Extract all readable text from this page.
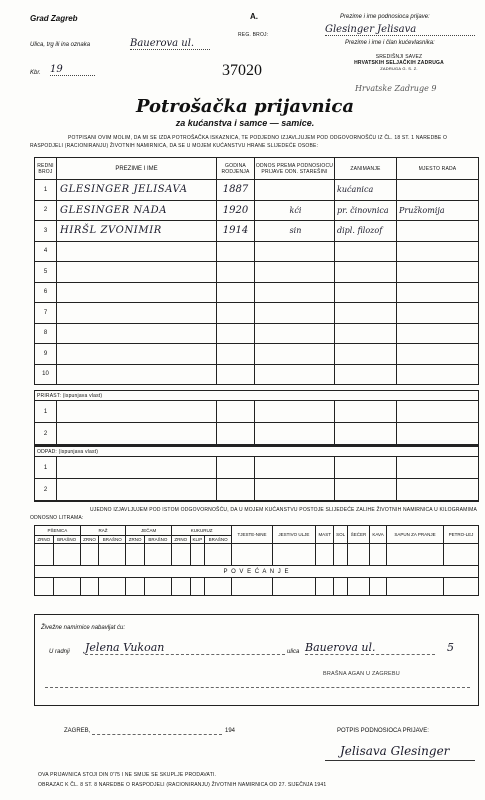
Grad Zagreb	A.
REG. BROJ:
Prezime i ime podnosioca prijave:
Glesinger Jelisava
Prezime i ime i član kućevlasnika:
Ulica, trg ili ina oznaka	Bauerova ul.
Kbr. 19	37020
SREDIŠNJI SAVEZ
HRVATSKIH SELJAČKIH ZADRUGA
ZADRUGA G. S. Z.
Hrvatske Zadruge 9
Potrošačka prijavnica
za kućanstva i samce — samice.
POTPISANI OVIM MOLIM, DA MI SE IZDA POTROŠAČKA ISKAZNICA, TE PODJEDNO IZJAVLJUJEM POD ODGOVORNOŠĆU IZ ČL. 18 ST. 1 NAREDBE O RASPODJELI (RACIONIRANJU) ŽIVOTNIH NAMIRNICA, DA SE U MOJEM KUĆANSTVU HRANE SLIJEDEĆE OSOBE:
REDNI BROJ	PREZIME I IME	GODINA RODJENJA	ODNOS PREMA PODNOSIOCU PRIJAVE ODN. STAREŠINI	ZANIMANJE	MJESTO RADA
1	GLESINGER JELISAVA	1887		kućanica	
2	GLESINGER NADA	1920	kći	pr. činovnica	Pružkomija
3	HIRŠL ZVONIMIR	1914	sin	dipl. filozof	
4					
5					
6					
7					
8					
9					
10					
PRIRAST: (ispunjava vlast)
1					
2					
ODPAD: (ispunjava vlast)
1					
2					
UJEDNO IZJAVLJUJEM POD ISTOM ODGOVORNOŠĆU, DA U MOJEM KUĆANSTVU POSTOJE SLIJEDEĆE ZALIHE ŽIVOTNIH NAMIRNICA U KILOGRAMIMA ODNOSNO LITRAMA:
PŠENICA		RAŽ		JEČAM		KUKURUZ			TJESTE-NINE	JESTIVO ULJE	MAST	SOL	ŠEĆER	KAVA	SAPUN ZA PRANJE	PETRO-LEJ
ZRNO	BRAŠNO	ZRNO	BRAŠNO	ZRNO	BRAŠNO	ZRNO	KLIP	BRAŠNO								

P O V E Ć A N J E																

Živežne namirnice nabavljat ću:
U radnji Jelena Vukoan	ulica Bauerova ul.	5
BRAŠNA AGAN U ZAGREBU
ZAGREB,	194	POTPIS PODNOSIOCA PRIJAVE:
Jelisava Glesinger
OVA PRIJAVNICA STOJI DIN 0'75 I NE SMIJE SE SKUPLJE PRODAVATI.
OBRAZAC K ČL. 8 ST. 8 NAREDBE O RASPODJELI (RACIONIRANJU) ŽIVOTNIH NAMIRNICA OD 27. SIJEČNJA 1941
